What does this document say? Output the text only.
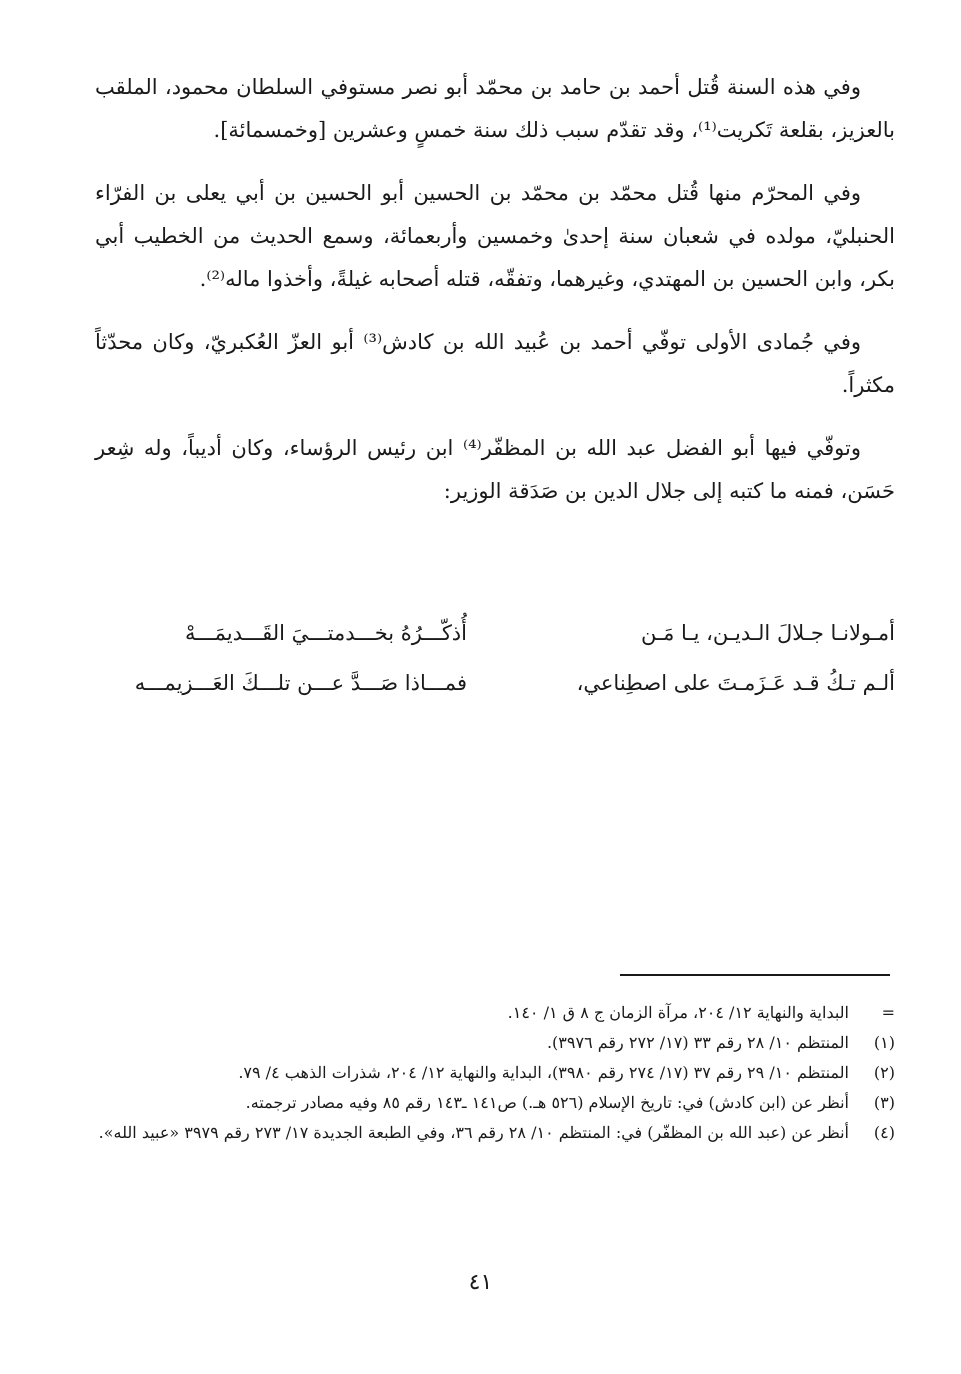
وفي هذه السنة قُتل أحمد بن حامد بن محمّد أبو نصر مستوفي السلطان محمود، الملقب بالعزيز، بقلعة تَكريت⁽¹⁾، وقد تقدّم سبب ذلك سنة خمسٍ وعشرين [وخمسمائة].

وفي المحرّم منها قُتل محمّد بن محمّد بن الحسين أبو الحسين بن أبي يعلى بن الفرّاء الحنبليّ، مولده في شعبان سنة إحدىٰ وخمسين وأربعمائة، وسمع الحديث من الخطيب أبي بكر، وابن الحسين بن المهتدي، وغيرهما، وتفقّه، قتله أصحابه غيلةً، وأخذوا ماله⁽²⁾.

وفي جُمادى الأولى توفّي أحمد بن عُبيد الله بن كادش⁽³⁾ أبو العزّ العُكبريّ، وكان محدّثاً مكثراً.

وتوفّي فيها أبو الفضل عبد الله بن المظفّر⁽⁴⁾ ابن رئيس الرؤساء، وكان أديباً، وله شِعر حَسَن، فمنه ما كتبه إلى جلال الدين بن صَدَقة الوزير:

أمـولانـا جـلالَ الـديـن، يـا مَـن
أُذكّـــرُهُ بخـــدمتـــيَ القَـــديمَـــهْ
ألـم تـكُ قـد عَـزَمـتَ على اصطِناعي،
فمـــاذا صَـــدَّ عـــن تلـــكَ العَـــزيمـــه
=
البداية والنهاية ١٢/ ٢٠٤، مرآة الزمان ج ٨ ق ١/ ١٤٠.
(١)
المنتظم ١٠/ ٢٨ رقم ٣٣ (١٧/ ٢٧٢ رقم ٣٩٧٦).
(٢)
المنتظم ١٠/ ٢٩ رقم ٣٧ (١٧/ ٢٧٤ رقم ٣٩٨٠)، البداية والنهاية ١٢/ ٢٠٤، شذرات الذهب ٤/ ٧٩.
(٣)
أنظر عن (ابن كادش) في: تاريخ الإسلام (٥٢٦ هـ.) ص١٤١ ـ١٤٣ رقم ٨٥ وفيه مصادر ترجمته.
(٤)
أنظر عن (عبد الله بن المظفّر) في: المنتظم ١٠/ ٢٨ رقم ٣٦، وفي الطبعة الجديدة ١٧/ ٢٧٣ رقم ٣٩٧٩ «عبيد الله».
٤١
